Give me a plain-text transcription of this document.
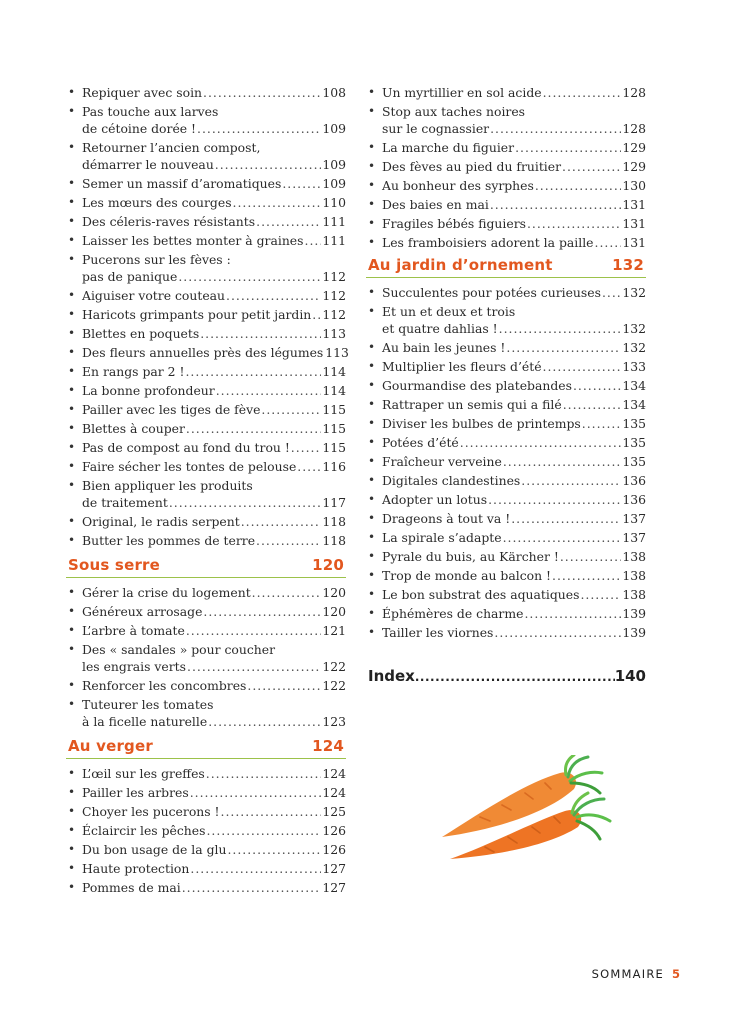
• Repiquer avec soin .....	108
• Pas touche aux larves
de cétoine dorée ! .....	109
• Retourner l’ancien compost,
démarrer le nouveau .....	109
• Semer un massif d’aromatiques .....	109
• Les mœurs des courges .....	110
• Des céleris-raves résistants .....	111
• Laisser les bettes monter à graines ..... 111
• Pucerons sur les fèves :
pas de panique .....	112
• Aiguiser votre couteau .....	112
• Haricots grimpants pour petit jardin ..... 112
• Blettes en poquets .....	113
• Des fleurs annuelles près des légumes 113
• En rangs par 2 ! .....	114
• La bonne profondeur .....	114
• Pailler avec les tiges de fève .....	115
• Blettes à couper .....	115
• Pas de compost au fond du trou ! .....	115
• Faire sécher les tontes de pelouse ..... 116
• Bien appliquer les produits
de traitement .....	117
• Original, le radis serpent .....	118
• Butter les pommes de terre .....	118
Sous serre	120
• Gérer la crise du logement .....	120
• Généreux arrosage .....	120
• L’arbre à tomate .....	121
• Des « sandales » pour coucher
les engrais verts .....	122
• Renforcer les concombres .....	122
• Tuteurer les tomates
à la ficelle naturelle .....	123
Au verger	124
• L’œil sur les greffes .....	124
• Pailler les arbres .....	124
• Choyer les pucerons ! .....	125
• Éclaircir les pêches .....	126
• Du bon usage de la glu .....	126
• Haute protection .....	127
• Pommes de mai .....	127
• Un myrtillier en sol acide .....	128
• Stop aux taches noires
sur le cognassier .....	128
• La marche du figuier .....	129
• Des fèves au pied du fruitier .....	129
• Au bonheur des syrphes .....	130
• Des baies en mai .....	131
• Fragiles bébés figuiers .....	131
• Les framboisiers adorent la paille ..... 131
Au jardin d’ornement	132
• Succulentes pour potées curieuses ..... 132
• Et un et deux et trois
et quatre dahlias ! .....	132
• Au bain les jeunes ! .....	132
• Multiplier les fleurs d’été .....	133
• Gourmandise des platebandes .....	134
• Rattraper un semis qui a filé .....	134
• Diviser les bulbes de printemps .....	135
• Potées d’été .....	135
• Fraîcheur verveine .....	135
• Digitales clandestines .....	136
• Adopter un lotus .....	136
• Drageons à tout va ! .....	137
• La spirale s’adapte .....	137
• Pyrale du buis, au Kärcher ! .....	138
• Trop de monde au balcon ! .....	138
• Le bon substrat des aquatiques .....	138
• Éphémères de charme .....	139
• Tailler les viornes .....	139
Index .....	140
SOMMAIRE 5
